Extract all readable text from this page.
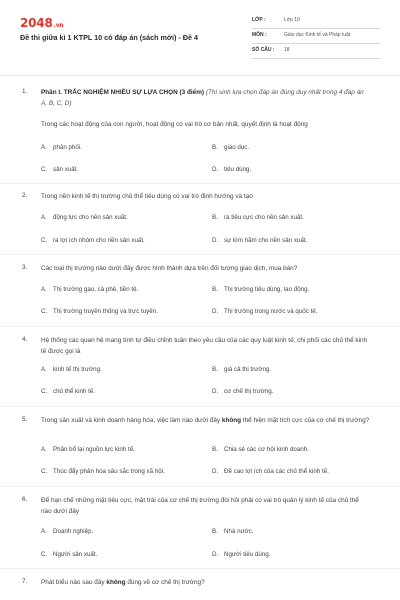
2048.vn
Đề thi giữa kì 1 KTPL 10 có đáp án (sách mới) - Đề 4
LỚP :	Lớp 10
MÔN :	Giáo dục Kinh tế và Pháp luật
SỐ CÂU : 18
1. Phần I. TRẮC NGHIỆM NHIỀU SỰ LỰA CHỌN (3 điểm) (Thí sinh lựa chọn đáp án đúng duy nhất trong 4 đáp án A, B, C, D)
Trong các hoạt động của con người, hoạt động có vai trò cơ bản nhất, quyết định là hoạt động
A. phân phối.	B. giáo dục.
C. sản xuất.	D. tiêu dùng.
2. Trong nền kinh tế thị trường chủ thể tiêu dùng có vai trò định hướng và tạo
A. động lực cho nền sản xuất.	B. ra tiêu cực cho nền sản xuất.
C. ra lợi ích nhóm cho nền sản xuất.	D. sự kìm hãm cho nền sản xuất.
3. Các loại thị trường nào dưới đây được hình thành dựa trên đối tượng giao dịch, mua bán?
A. Thị trường gạo, cà phê, tiền tệ.	B. Thị trường tiêu dùng, lao động.
C. Thị trường truyền thống và trực tuyến.	D. Thị trường trong nước và quốc tế.
4. Hệ thống các quan hệ mang tính tự điều chỉnh tuân theo yêu cầu của các quy luật kinh tế, chi phối các chủ thể kinh tế được gọi là
A. kinh tế thị trường.	B. giá cả thị trường.
C. chủ thể kinh tế.	D. cơ chế thị trường.
5. Trong sản xuất và kinh doanh hàng hóa, việc làm nào dưới đây không thể hiện mặt tích cực của cơ chế thị trường?
A. Phân bổ lại nguồn lực kinh tế.	B. Chia sẻ các cơ hội kinh doanh.
C. Thúc đẩy phân hóa sâu sắc trong xã hội.	D. Đề cao lợi ích của các chủ thể kinh tế.
6. Để hạn chế những mặt tiêu cực, mặt trái của cơ chế thị trường đòi hỏi phải có vai trò quản lý kinh tế của chủ thể nào dưới đây
A. Doanh nghiệp.	B. Nhà nước.
C. Người sản xuất.	D. Người tiêu dùng.
7. Phát biểu nào sau đây không đúng về cơ chế thị trường?
